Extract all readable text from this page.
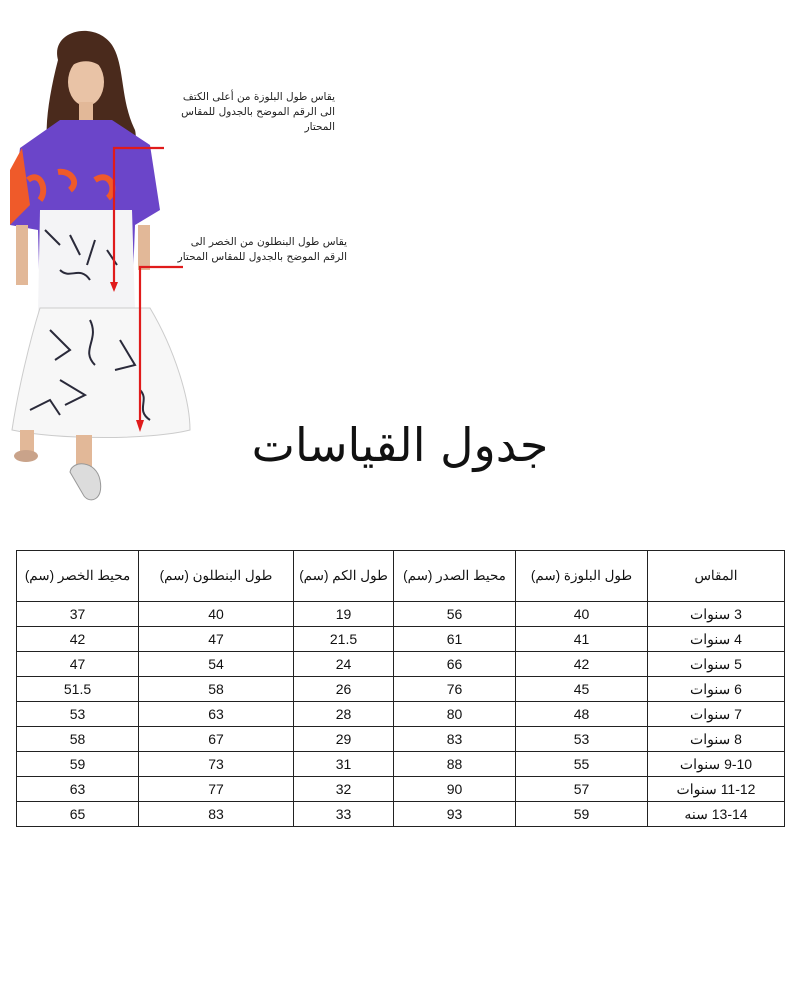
يقاس طول البلوزة من أعلى الكتف الى الرقم الموضح بالجدول للمقاس المحتار
يقاس طول البنطلون من الخصر الى الرقم الموضح بالجدول للمقاس المحتار
جدول القياسات
محيط الخصر (سم)	طول البنطلون (سم)	طول الكم (سم)	محيط الصدر (سم)	طول البلوزة (سم)	المقاس
37	40	19	56	40	3 سنوات
42	47	21.5	61	41	4 سنوات
47	54	24	66	42	5 سنوات
51.5	58	26	76	45	6 سنوات
53	63	28	80	48	7 سنوات
58	67	29	83	53	8 سنوات
59	73	31	88	55	9-10 سنوات
63	77	32	90	57	11-12 سنوات
65	83	33	93	59	13-14 سنه
